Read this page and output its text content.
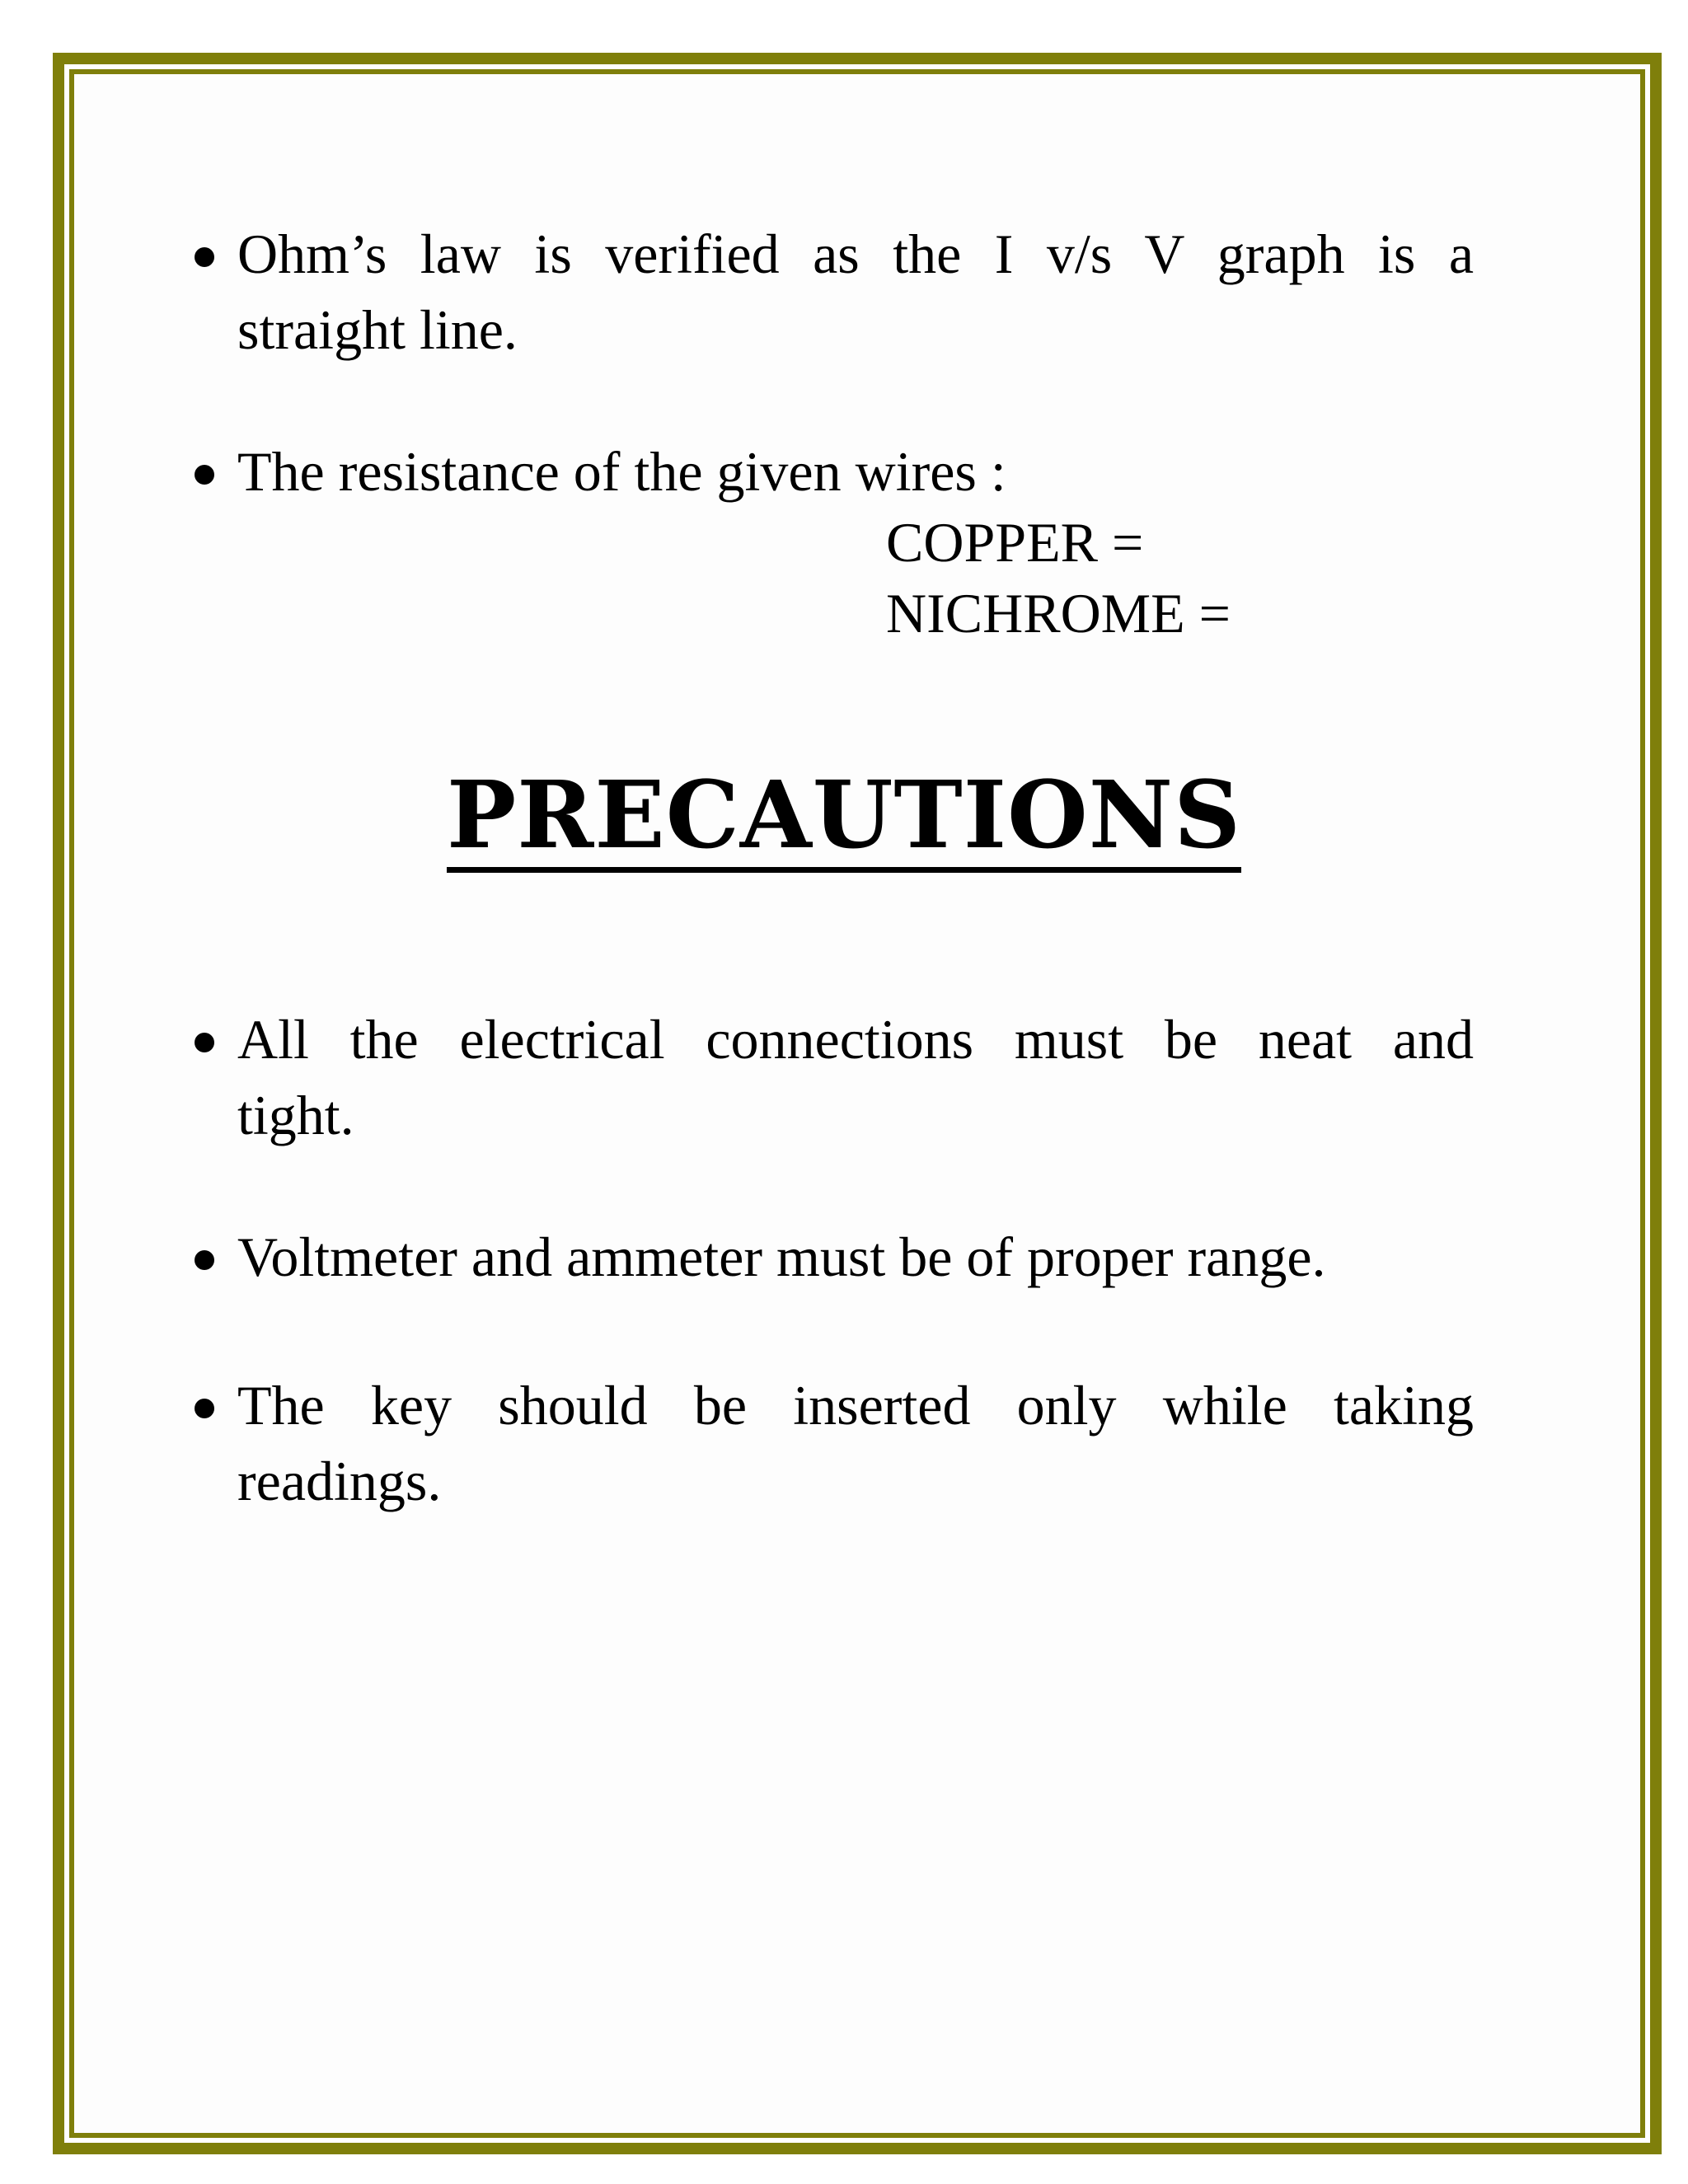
Ohm’s law is verified as the I v/s V graph is a
straight line.
The resistance of the given wires :
COPPER =
NICHROME =
PRECAUTIONS
All the electrical connections must be neat and
tight.
Voltmeter and ammeter must be of proper range.
The key should be inserted only while taking
readings.
